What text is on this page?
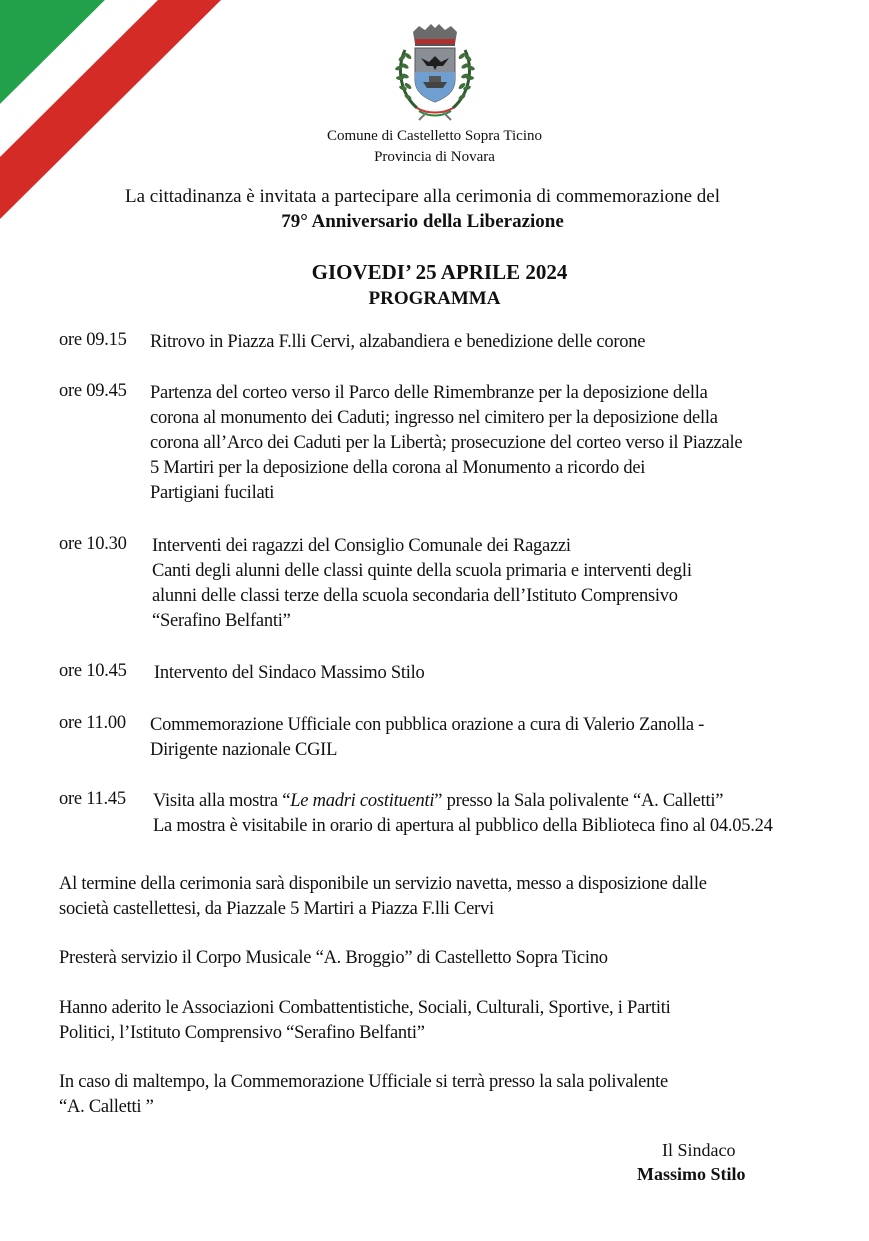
Comune di Castelletto Sopra Ticino
Provincia di Novara
La cittadinanza è invitata a partecipare alla cerimonia di commemorazione del
79° Anniversario della Liberazione
GIOVEDI’ 25 APRILE 2024
PROGRAMMA
ore 09.15 Ritrovo in Piazza F.lli Cervi, alzabandiera e benedizione delle corone
ore 09.45 Partenza del corteo verso il Parco delle Rimembranze per la deposizione della
corona al monumento dei Caduti; ingresso nel cimitero per la deposizione della
corona all’Arco dei Caduti per la Libertà; prosecuzione del corteo verso il Piazzale
5 Martiri per la deposizione della corona al Monumento a ricordo dei
Partigiani fucilati
ore 10.30 Interventi dei ragazzi del Consiglio Comunale dei Ragazzi
Canti degli alunni delle classi quinte della scuola primaria e interventi degli
alunni delle classi terze della scuola secondaria dell’Istituto Comprensivo
“Serafino Belfanti”
ore 10.45 Intervento del Sindaco Massimo Stilo
ore 11.00 Commemorazione Ufficiale con pubblica orazione a cura di Valerio Zanolla -
Dirigente nazionale CGIL
ore 11.45 Visita alla mostra “Le madri costituenti” presso la Sala polivalente “A. Calletti”
La mostra è visitabile in orario di apertura al pubblico della Biblioteca fino al 04.05.24
Al termine della cerimonia sarà disponibile un servizio navetta, messo a disposizione dalle
società castellettesi, da Piazzale 5 Martiri a Piazza F.lli Cervi
Presterà servizio il Corpo Musicale “A. Broggio” di Castelletto Sopra Ticino
Hanno aderito le Associazioni Combattentistiche, Sociali, Culturali, Sportive, i Partiti
Politici, l’Istituto Comprensivo “Serafino Belfanti”
In caso di maltempo, la Commemorazione Ufficiale si terrà presso la sala polivalente
“A. Calletti ”
Il Sindaco
Massimo Stilo
